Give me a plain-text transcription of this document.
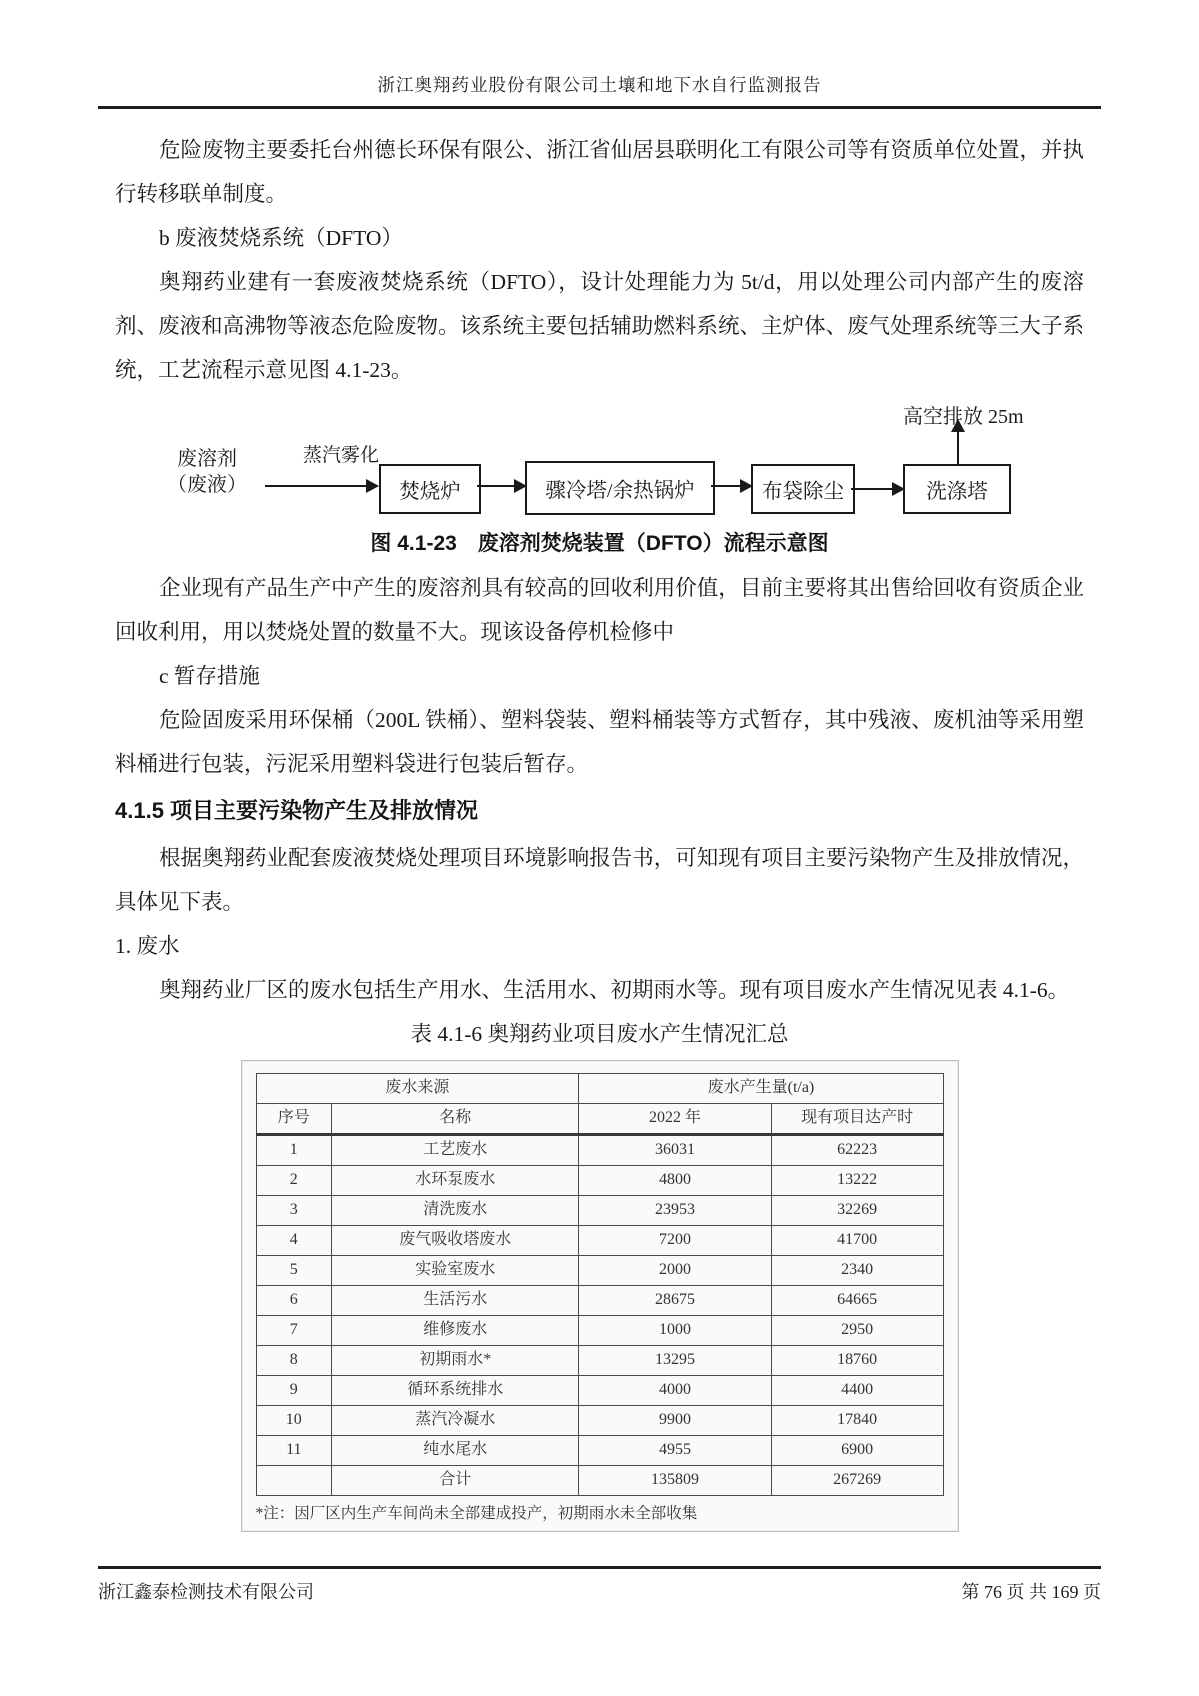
浙江奥翔药业股份有限公司土壤和地下水自行监测报告

危险废物主要委托台州德长环保有限公、浙江省仙居县联明化工有限公司等有资质单位处置，并执行转移联单制度。

b 废液焚烧系统（DFTO）

奥翔药业建有一套废液焚烧系统（DFTO），设计处理能力为 5t/d，用以处理公司内部产生的废溶剂、废液和高沸物等液态危险废物。该系统主要包括辅助燃料系统、主炉体、废气处理系统等三大子系统，工艺流程示意见图 4.1-23。

高空排放 25m
废溶剂
（废液）
蒸汽雾化
焚烧炉	骤冷塔/余热锅炉	布袋除尘	洗涤塔

图 4.1-23　废溶剂焚烧装置（DFTO）流程示意图

企业现有产品生产中产生的废溶剂具有较高的回收利用价值，目前主要将其出售给回收有资质企业回收利用，用以焚烧处置的数量不大。现该设备停机检修中

c 暂存措施

危险固废采用环保桶（200L 铁桶）、塑料袋装、塑料桶装等方式暂存，其中残液、废机油等采用塑料桶进行包装，污泥采用塑料袋进行包装后暂存。

4.1.5 项目主要污染物产生及排放情况

根据奥翔药业配套废液焚烧处理项目环境影响报告书，可知现有项目主要污染物产生及排放情况，具体见下表。

1. 废水

奥翔药业厂区的废水包括生产用水、生活用水、初期雨水等。现有项目废水产生情况见表 4.1-6。

表 4.1-6 奥翔药业项目废水产生情况汇总

废水来源		废水产生量(t/a)	
序号	名称	2022 年	现有项目达产时
1	工艺废水	36031	62223
2	水环泵废水	4800	13222
3	清洗废水	23953	32269
4	废气吸收塔废水	7200	41700
5	实验室废水	2000	2340
6	生活污水	28675	64665
7	维修废水	1000	2950
8	初期雨水*	13295	18760
9	循环系统排水	4000	4400
10	蒸汽冷凝水	9900	17840
11	纯水尾水	4955	6900
	合计	135809	267269
*注：因厂区内生产车间尚未全部建成投产，初期雨水未全部收集
浙江鑫泰检测技术有限公司	第 76 页 共 169 页
